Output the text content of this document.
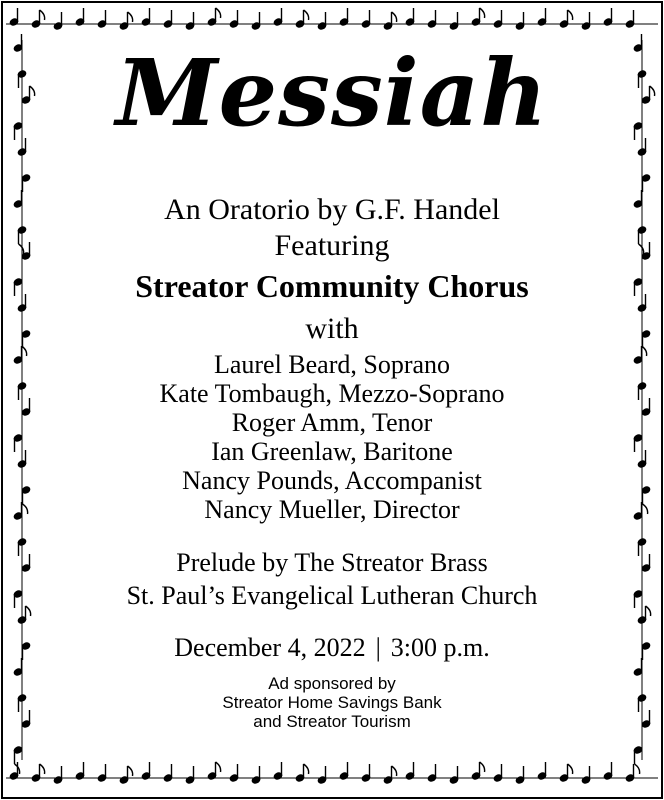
Messiah
An Oratorio by G.F. Handel
Featuring
Streator Community Chorus
with
Laurel Beard, Soprano
Kate Tombaugh, Mezzo-Soprano
Roger Amm, Tenor
Ian Greenlaw, Baritone
Nancy Pounds, Accompanist
Nancy Mueller, Director
Prelude by The Streator Brass
St. Paul’s Evangelical Lutheran Church
December 4, 2022 | 3:00 p.m.
Ad sponsored by
Streator Home Savings Bank
and Streator Tourism
